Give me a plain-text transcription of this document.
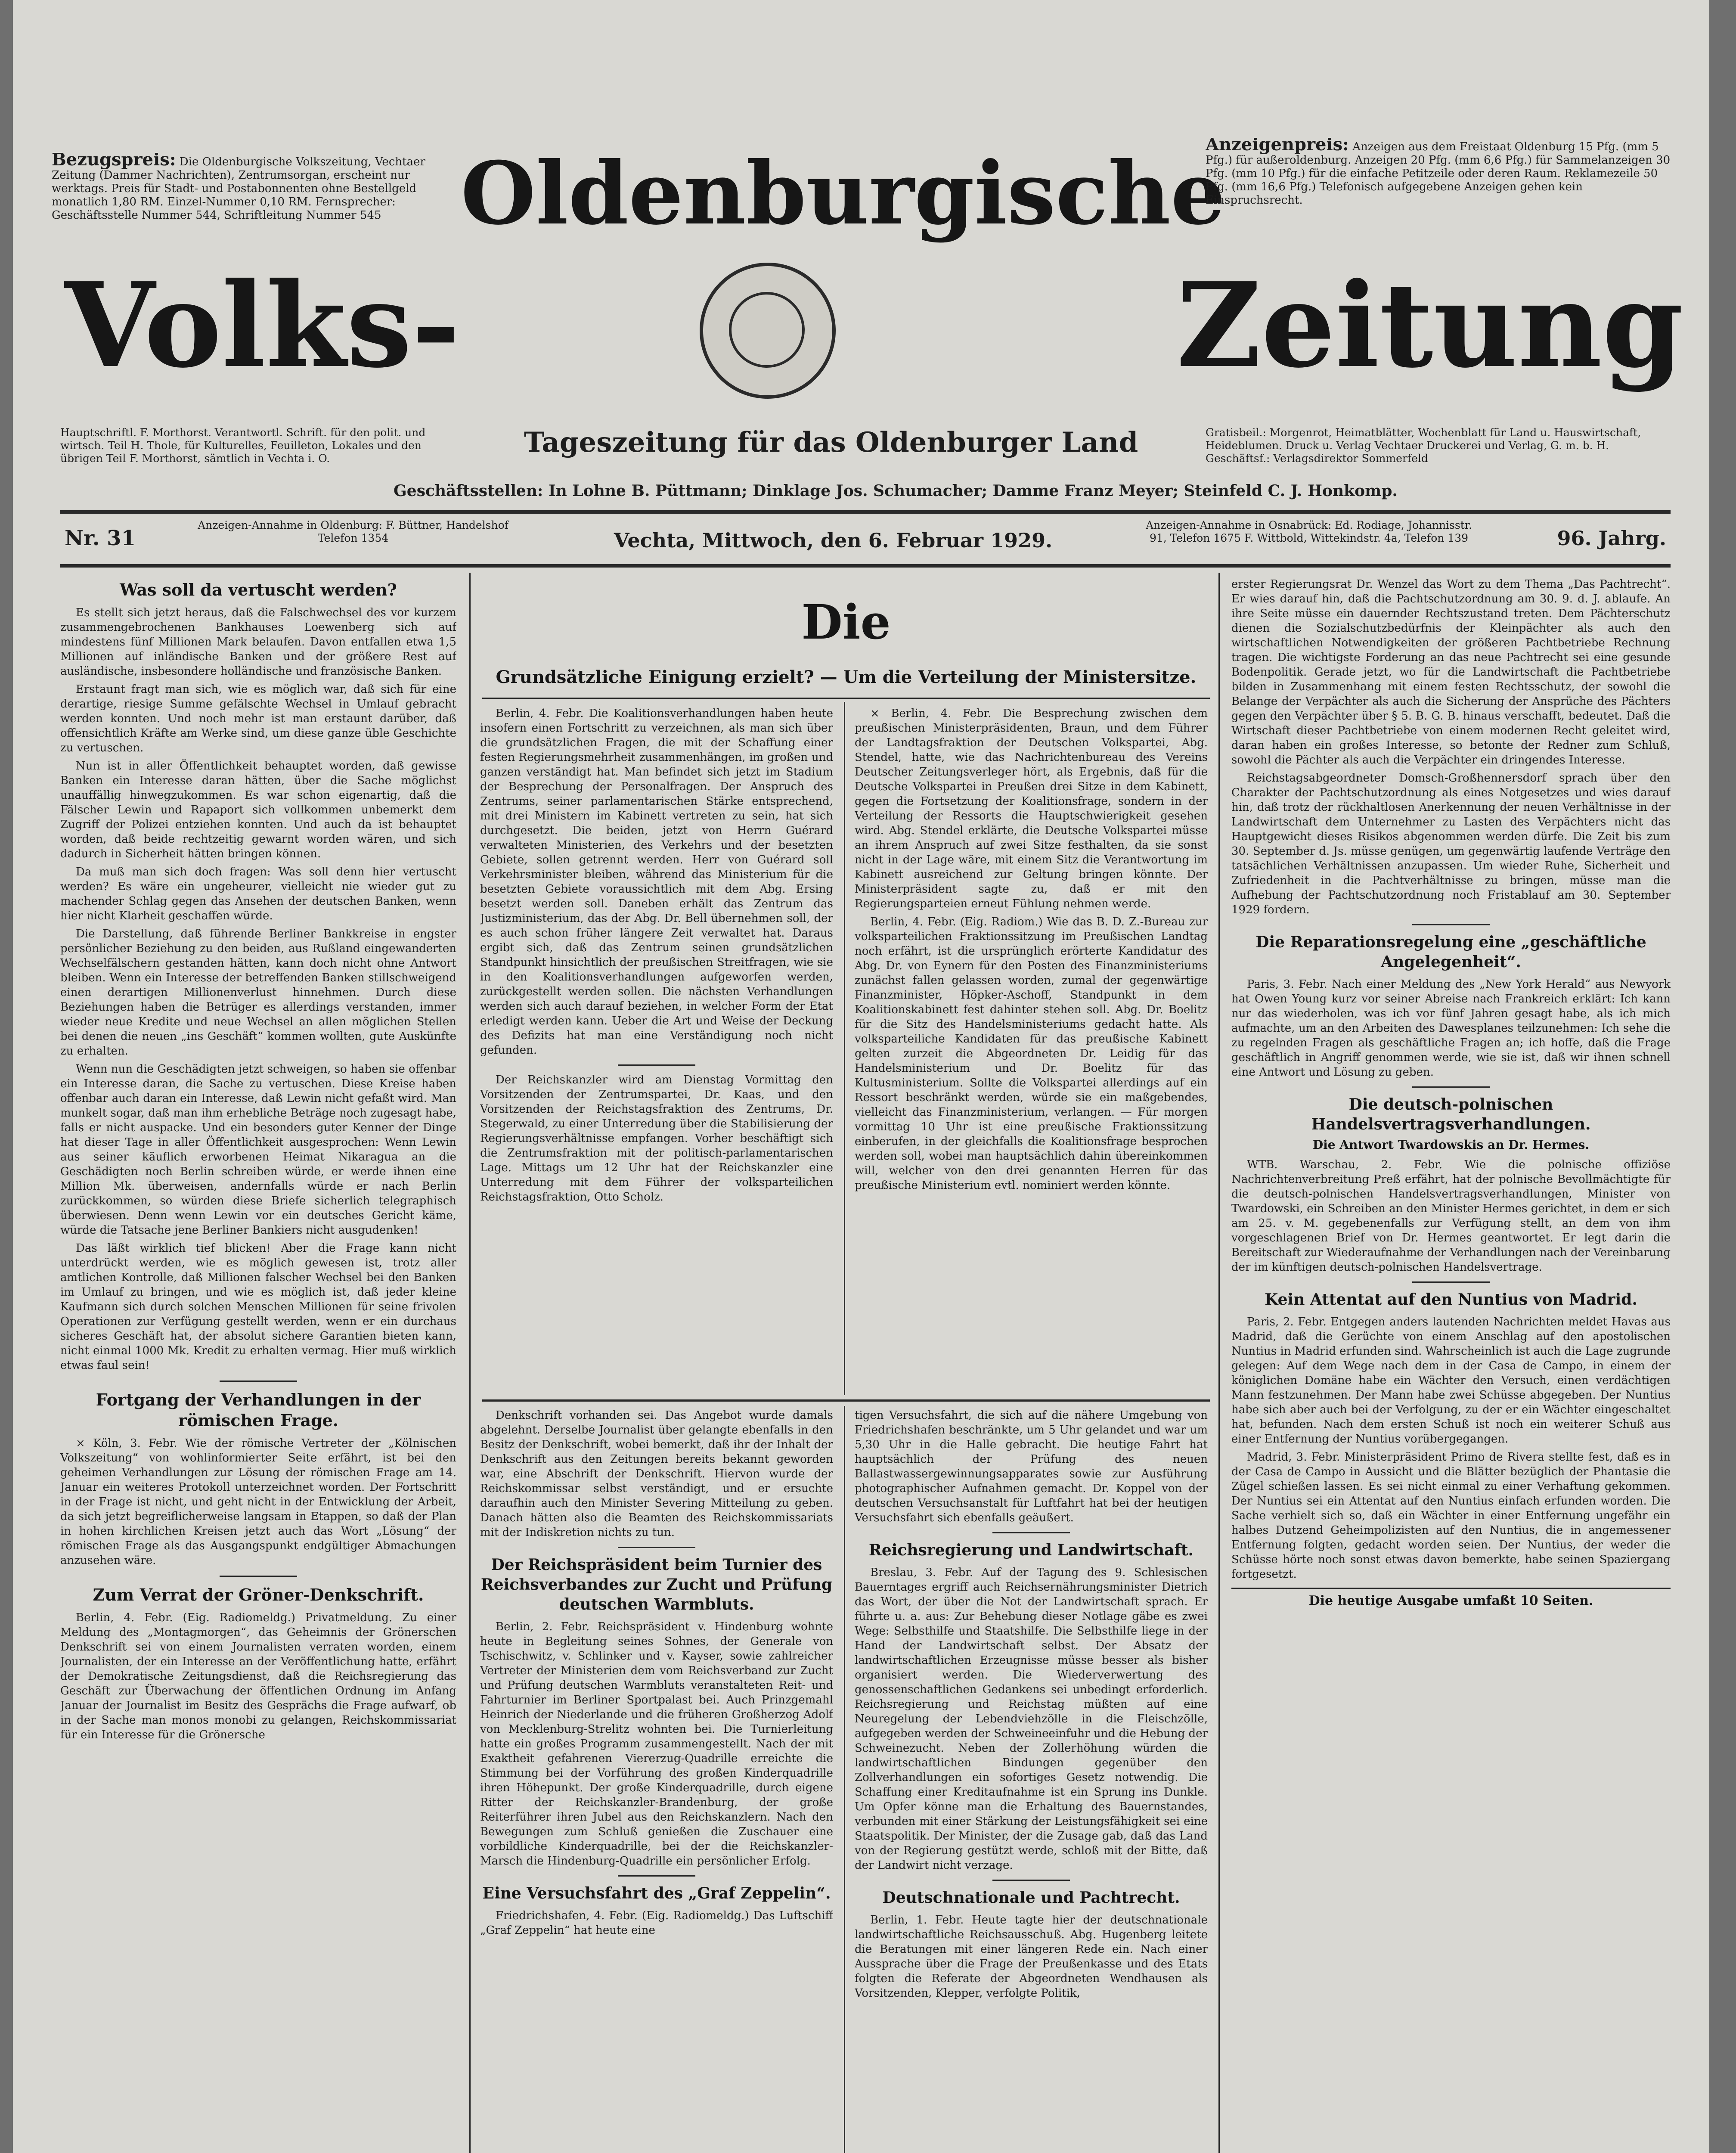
Bezugspreis: Die Oldenburgische Volkszeitung, Vechtaer Zeitung (Dammer Nachrichten), Zentrumsorgan, erscheint nur werktags. Preis für Stadt- und Postabonnenten ohne Bestellgeld monatlich 1,80 RM. Einzel-Nummer 0,10 RM. Fernsprecher: Geschäftsstelle Nummer 544, Schriftleitung Nummer 545 Oldenburgische
Anzeigenpreis: Anzeigen aus dem Freistaat Oldenburg 15 Pfg. (mm 5 Pfg.) für außeroldenburg. Anzeigen 20 Pfg. (mm 6,6 Pfg.) für Sammelanzeigen 30 Pfg. (mm 10 Pfg.) für die einfache Petitzeile oder deren Raum. Reklamezeile 50 Pfg. (mm 16,6 Pfg.) Telefonisch aufgegebene Anzeigen gehen kein Einspruchsrecht.
Volks-	Zeitung
Hauptschriftl. F. Morthorst. Verantwortl. Schrift. für den polit. und wirtsch. Teil H. Thole, für Kulturelles, Feuilleton, Lokales und den übrigen Teil F. Morthorst, sämtlich in Vechta i. O.	Tageszeitung für das Oldenburger Land	Gratisbeil.: Morgenrot, Heimatblätter, Wochenblatt für Land u. Hauswirtschaft, Heideblumen. Druck u. Verlag Vechtaer Druckerei und Verlag, G. m. b. H. Geschäftsf.: Verlagsdirektor Sommerfeld
Geschäftsstellen: In Lohne B. Püttmann; Dinklage Jos. Schumacher; Damme Franz Meyer; Steinfeld C. J. Honkomp.
Nr. 31
Anzeigen-Annahme in Oldenburg: F. Büttner, Handelshof Telefon 1354	Vechta, Mittwoch, den 6. Februar 1929.
Anzeigen-Annahme in Osnabrück: Ed. Rodiage, Johannisstr. 91, Telefon 1675 F. Wittbold, Wittekindstr. 4a, Telefon 139	96. Jahrg.
Was soll da vertuscht werden?

Es stellt sich jetzt heraus, daß die Falschwechsel des vor kurzem zusammengebrochenen Bankhauses Loewenberg sich auf mindestens fünf Millionen Mark belaufen. Davon entfallen etwa 1,5 Millionen auf inländische Banken und der größere Rest auf ausländische, insbesondere holländische und französische Banken.

Erstaunt fragt man sich, wie es möglich war, daß sich für eine derartige, riesige Summe gefälschte Wechsel in Umlauf gebracht werden konnten. Und noch mehr ist man erstaunt darüber, daß offensichtlich Kräfte am Werke sind, um diese ganze üble Geschichte zu vertuschen.

Nun ist in aller Öffentlichkeit behauptet worden, daß gewisse Banken ein Interesse daran hätten, über die Sache möglichst unauffällig hinwegzukommen. Es war schon eigenartig, daß die Fälscher Lewin und Rapaport sich vollkommen unbemerkt dem Zugriff der Polizei entziehen konnten. Und auch da ist behauptet worden, daß beide rechtzeitig gewarnt worden wären, und sich dadurch in Sicherheit hätten bringen können.

Da muß man sich doch fragen: Was soll denn hier vertuscht werden? Es wäre ein ungeheurer, vielleicht nie wieder gut zu machender Schlag gegen das Ansehen der deutschen Banken, wenn hier nicht Klarheit geschaffen würde.

Die Darstellung, daß führende Berliner Bankkreise in engster persönlicher Beziehung zu den beiden, aus Rußland eingewanderten Wechselfälschern gestanden hätten, kann doch nicht ohne Antwort bleiben. Wenn ein Interesse der betreffenden Banken stillschweigend einen derartigen Millionenverlust hinnehmen. Durch diese Beziehungen haben die Betrüger es allerdings verstanden, immer wieder neue Kredite und neue Wechsel an allen möglichen Stellen bei denen die neuen „ins Geschäft“ kommen wollten, gute Auskünfte zu erhalten.

Wenn nun die Geschädigten jetzt schweigen, so haben sie offenbar ein Interesse daran, die Sache zu vertuschen. Diese Kreise haben offenbar auch daran ein Interesse, daß Lewin nicht gefaßt wird. Man munkelt sogar, daß man ihm erhebliche Beträge noch zugesagt habe, falls er nicht auspacke. Und ein besonders guter Kenner der Dinge hat dieser Tage in aller Öffentlichkeit ausgesprochen: Wenn Lewin aus seiner käuflich erworbenen Heimat Nikaragua an die Geschädigten noch Berlin schreiben würde, er werde ihnen eine Million Mk. überweisen, andernfalls würde er nach Berlin zurückkommen, so würden diese Briefe sicherlich telegraphisch überwiesen. Denn wenn Lewin vor ein deutsches Gericht käme, würde die Tatsache jene Berliner Bankiers nicht ausgudenken!

Das läßt wirklich tief blicken! Aber die Frage kann nicht unterdrückt werden, wie es möglich gewesen ist, trotz aller amtlichen Kontrolle, daß Millionen falscher Wechsel bei den Banken im Umlauf zu bringen, und wie es möglich ist, daß jeder kleine Kaufmann sich durch solchen Menschen Millionen für seine frivolen Operationen zur Verfügung gestellt werden, wenn er ein durchaus sicheres Geschäft hat, der absolut sichere Garantien bieten kann, nicht einmal 1000 Mk. Kredit zu erhalten vermag. Hier muß wirklich etwas faul sein!

Fortgang der Verhandlungen in der römischen Frage.

× Köln, 3. Febr. Wie der römische Vertreter der „Kölnischen Volkszeitung“ von wohlinformierter Seite erfährt, ist bei den geheimen Verhandlungen zur Lösung der römischen Frage am 14. Januar ein weiteres Protokoll unterzeichnet worden. Der Fortschritt in der Frage ist nicht, und geht nicht in der Entwicklung der Arbeit, da sich jetzt begreiflicherweise langsam in Etappen, so daß der Plan in hohen kirchlichen Kreisen jetzt auch das Wort „Lösung“ der römischen Frage als das Ausgangspunkt endgültiger Abmachungen anzusehen wäre.

Zum Verrat der Gröner-Denkschrift.

Berlin, 4. Febr. (Eig. Radiomeldg.) Privatmeldung. Zu einer Meldung des „Montagmorgen“, das Geheimnis der Grönerschen Denkschrift sei von einem Journalisten verraten worden, einem Journalisten, der ein Interesse an der Veröffentlichung hatte, erfährt der Demokratische Zeitungsdienst, daß die Reichsregierung das Geschäft zur Überwachung der öffentlichen Ordnung im Anfang Januar der Journalist im Besitz des Gesprächs die Frage aufwarf, ob in der Sache man monos monobi zu gelangen, Reichskommissariat für ein Interesse für die Grönersche

Die
Grundsätzliche Einigung erzielt? — Um die Verteilung der Ministersitze.

Berlin, 4. Febr. Die Koalitionsverhandlungen haben heute insofern einen Fortschritt zu verzeichnen, als man sich über die grundsätzlichen Fragen, die mit der Schaffung einer festen Regierungsmehrheit zusammenhängen, im großen und ganzen verständigt hat. Man befindet sich jetzt im Stadium der Besprechung der Personalfragen. Der Anspruch des Zentrums, seiner parlamentarischen Stärke entsprechend, mit drei Ministern im Kabinett vertreten zu sein, hat sich durchgesetzt. Die beiden, jetzt von Herrn Guérard verwalteten Ministerien, des Verkehrs und der besetzten Gebiete, sollen getrennt werden. Herr von Guérard soll Verkehrsminister bleiben, während das Ministerium für die besetzten Gebiete voraussichtlich mit dem Abg. Ersing besetzt werden soll. Daneben erhält das Zentrum das Justizministerium, das der Abg. Dr. Bell übernehmen soll, der es auch schon früher längere Zeit verwaltet hat. Daraus ergibt sich, daß das Zentrum seinen grundsätzlichen Standpunkt hinsichtlich der preußischen Streitfragen, wie sie in den Koalitionsverhandlungen aufgeworfen werden, zurückgestellt werden sollen. Die nächsten Verhandlungen werden sich auch darauf beziehen, in welcher Form der Etat erledigt werden kann. Ueber die Art und Weise der Deckung des Defizits hat man eine Verständigung noch nicht gefunden.

Der Reichskanzler wird am Dienstag Vormittag den Vorsitzenden der Zentrumspartei, Dr. Kaas, und den Vorsitzenden der Reichstagsfraktion des Zentrums, Dr. Stegerwald, zu einer Unterredung über die Stabilisierung der Regierungsverhältnisse empfangen. Vorher beschäftigt sich die Zentrumsfraktion mit der politisch-parlamentarischen Lage. Mittags um 12 Uhr hat der Reichskanzler eine Unterredung mit dem Führer der volksparteilichen Reichstagsfraktion, Otto Scholz.

× Berlin, 4. Febr. Die Besprechung zwischen dem preußischen Ministerpräsidenten, Braun, und dem Führer der Landtagsfraktion der Deutschen Volkspartei, Abg. Stendel, hatte, wie das Nachrichtenbureau des Vereins Deutscher Zeitungsverleger hört, als Ergebnis, daß für die Deutsche Volkspartei in Preußen drei Sitze in dem Kabinett, gegen die Fortsetzung der Koalitionsfrage, sondern in der Verteilung der Ressorts die Hauptschwierigkeit gesehen wird. Abg. Stendel erklärte, die Deutsche Volkspartei müsse an ihrem Anspruch auf zwei Sitze festhalten, da sie sonst nicht in der Lage wäre, mit einem Sitz die Verantwortung im Kabinett ausreichend zur Geltung bringen könnte. Der Ministerpräsident sagte zu, daß er mit den Regierungsparteien erneut Fühlung nehmen werde.

Berlin, 4. Febr. (Eig. Radiom.) Wie das B. D. Z.-Bureau zur volksparteilichen Fraktionssitzung im Preußischen Landtag noch erfährt, ist die ursprünglich erörterte Kandidatur des Abg. Dr. von Eynern für den Posten des Finanzministeriums zunächst fallen gelassen worden, zumal der gegenwärtige Finanzminister, Höpker-Aschoff, Standpunkt in dem Koalitionskabinett fest dahinter stehen soll. Abg. Dr. Boelitz für die Sitz des Handelsministeriums gedacht hatte. Als volksparteiliche Kandidaten für das preußische Kabinett gelten zurzeit die Abgeordneten Dr. Leidig für das Handelsministerium und Dr. Boelitz für das Kultusministerium. Sollte die Volkspartei allerdings auf ein Ressort beschränkt werden, würde sie ein maßgebendes, vielleicht das Finanzministerium, verlangen. — Für morgen vormittag 10 Uhr ist eine preußische Fraktionssitzung einberufen, in der gleichfalls die Koalitionsfrage besprochen werden soll, wobei man hauptsächlich dahin übereinkommen will, welcher von den drei genannten Herren für das preußische Ministerium evtl. nominiert werden könnte.

Denkschrift vorhanden sei. Das Angebot wurde damals abgelehnt. Derselbe Journalist über gelangte ebenfalls in den Besitz der Denkschrift, wobei bemerkt, daß ihr der Inhalt der Denkschrift aus den Zeitungen bereits bekannt geworden war, eine Abschrift der Denkschrift. Hiervon wurde der Reichskommissar selbst verständigt, und er ersuchte daraufhin auch den Minister Severing Mitteilung zu geben. Danach hätten also die Beamten des Reichskommissariats mit der Indiskretion nichts zu tun.

Der Reichspräsident beim Turnier des Reichsverbandes zur Zucht und Prüfung deutschen Warmbluts.

Berlin, 2. Febr. Reichspräsident v. Hindenburg wohnte heute in Begleitung seines Sohnes, der Generale von Tschischwitz, v. Schlinker und v. Kayser, sowie zahlreicher Vertreter der Ministerien dem vom Reichsverband zur Zucht und Prüfung deutschen Warmbluts veranstalteten Reit- und Fahrturnier im Berliner Sportpalast bei. Auch Prinzgemahl Heinrich der Niederlande und die früheren Großherzog Adolf von Mecklenburg-Strelitz wohnten bei. Die Turnierleitung hatte ein großes Programm zusammengestellt. Nach der mit Exaktheit gefahrenen Viererzug-Quadrille erreichte die Stimmung bei der Vorführung des großen Kinderquadrille ihren Höhepunkt. Der große Kinderquadrille, durch eigene Ritter der Reichskanzler-Brandenburg, der große Reiterführer ihren Jubel aus den Reichskanzlern. Nach den Bewegungen zum Schluß genießen die Zuschauer eine vorbildliche Kinderquadrille, bei der die Reichskanzler-Marsch die Hindenburg-Quadrille ein persönlicher Erfolg.

Eine Versuchsfahrt des „Graf Zeppelin“.

Friedrichshafen, 4. Febr. (Eig. Radiomeldg.) Das Luftschiff „Graf Zeppelin“ hat heute eine

tigen Versuchsfahrt, die sich auf die nähere Umgebung von Friedrichshafen beschränkte, um 5 Uhr gelandet und war um 5,30 Uhr in die Halle gebracht. Die heutige Fahrt hat hauptsächlich der Prüfung des neuen Ballastwassergewinnungsapparates sowie zur Ausführung photographischer Aufnahmen gemacht. Dr. Koppel von der deutschen Versuchsanstalt für Luftfahrt hat bei der heutigen Versuchsfahrt sich ebenfalls geäußert.

Reichsregierung und Landwirtschaft.

Breslau, 3. Febr. Auf der Tagung des 9. Schlesischen Bauerntages ergriff auch Reichsernährungsminister Dietrich das Wort, der über die Not der Landwirtschaft sprach. Er führte u. a. aus: Zur Behebung dieser Notlage gäbe es zwei Wege: Selbsthilfe und Staatshilfe. Die Selbsthilfe liege in der Hand der Landwirtschaft selbst. Der Absatz der landwirtschaftlichen Erzeugnisse müsse besser als bisher organisiert werden. Die Wiederverwertung des genossenschaftlichen Gedankens sei unbedingt erforderlich. Reichsregierung und Reichstag müßten auf eine Neuregelung der Lebendviehzölle in die Fleischzölle, aufgegeben werden der Schweineeinfuhr und die Hebung der Schweinezucht. Neben der Zollerhöhung würden die landwirtschaftlichen Bindungen gegenüber den Zollverhandlungen ein sofortiges Gesetz notwendig. Die Schaffung einer Kreditaufnahme ist ein Sprung ins Dunkle. Um Opfer könne man die Erhaltung des Bauernstandes, verbunden mit einer Stärkung der Leistungsfähigkeit sei eine Staatspolitik. Der Minister, der die Zusage gab, daß das Land von der Regierung gestützt werde, schloß mit der Bitte, daß der Landwirt nicht verzage.

Deutschnationale und Pachtrecht.

Berlin, 1. Febr. Heute tagte hier der deutschnationale landwirtschaftliche Reichsausschuß. Abg. Hugenberg leitete die Beratungen mit einer längeren Rede ein. Nach einer Aussprache über die Frage der Preußenkasse und des Etats folgten die Referate der Abgeordneten Wendhausen als Vorsitzenden, Klepper, verfolgte Politik,

erster Regierungsrat Dr. Wenzel das Wort zu dem Thema „Das Pachtrecht“. Er wies darauf hin, daß die Pachtschutzordnung am 30. 9. d. J. ablaufe. An ihre Seite müsse ein dauernder Rechtszustand treten. Dem Pächterschutz dienen die Sozialschutzbedürfnis der Kleinpächter als auch den wirtschaftlichen Notwendigkeiten der größeren Pachtbetriebe Rechnung tragen. Die wichtigste Forderung an das neue Pachtrecht sei eine gesunde Bodenpolitik. Gerade jetzt, wo für die Landwirtschaft die Pachtbetriebe bilden in Zusammenhang mit einem festen Rechtsschutz, der sowohl die Belange der Verpächter als auch die Sicherung der Ansprüche des Pächters gegen den Verpächter über § 5. B. G. B. hinaus verschafft, bedeutet. Daß die Wirtschaft dieser Pachtbetriebe von einem modernen Recht geleitet wird, daran haben ein großes Interesse, so betonte der Redner zum Schluß, sowohl die Pächter als auch die Verpächter ein dringendes Interesse.

Reichstagsabgeordneter Domsch-Großhennersdorf sprach über den Charakter der Pachtschutzordnung als eines Notgesetzes und wies darauf hin, daß trotz der rückhaltlosen Anerkennung der neuen Verhältnisse in der Landwirtschaft dem Unternehmer zu Lasten des Verpächters nicht das Hauptgewicht dieses Risikos abgenommen werden dürfe. Die Zeit bis zum 30. September d. Js. müsse genügen, um gegenwärtig laufende Verträge den tatsächlichen Verhältnissen anzupassen. Um wieder Ruhe, Sicherheit und Zufriedenheit in die Pachtverhältnisse zu bringen, müsse man die Aufhebung der Pachtschutzordnung noch Fristablauf am 30. September 1929 fordern.

Die Reparationsregelung eine „geschäftliche Angelegenheit“.

Paris, 3. Febr. Nach einer Meldung des „New York Herald“ aus Newyork hat Owen Young kurz vor seiner Abreise nach Frankreich erklärt: Ich kann nur das wiederholen, was ich vor fünf Jahren gesagt habe, als ich mich aufmachte, um an den Arbeiten des Dawesplanes teilzunehmen: Ich sehe die zu regelnden Fragen als geschäftliche Fragen an; ich hoffe, daß die Frage geschäftlich in Angriff genommen werde, wie sie ist, daß wir ihnen schnell eine Antwort und Lösung zu geben.

Die deutsch-polnischen Handelsvertragsverhandlungen.
Die Antwort Twardowskis an Dr. Hermes.

WTB. Warschau, 2. Febr. Wie die polnische offiziöse Nachrichtenverbreitung Preß erfährt, hat der polnische Bevollmächtigte für die deutsch-polnischen Handelsvertragsverhandlungen, Minister von Twardowski, ein Schreiben an den Minister Hermes gerichtet, in dem er sich am 25. v. M. gegebenenfalls zur Verfügung stellt, an dem von ihm vorgeschlagenen Brief von Dr. Hermes geantwortet. Er legt darin die Bereitschaft zur Wiederaufnahme der Verhandlungen nach der Vereinbarung der im künftigen deutsch-polnischen Handelsvertrage.

Kein Attentat auf den Nuntius von Madrid.

Paris, 2. Febr. Entgegen anders lautenden Nachrichten meldet Havas aus Madrid, daß die Gerüchte von einem Anschlag auf den apostolischen Nuntius in Madrid erfunden sind. Wahrscheinlich ist auch die Lage zugrunde gelegen: Auf dem Wege nach dem in der Casa de Campo, in einem der königlichen Domäne habe ein Wächter den Versuch, einen verdächtigen Mann festzunehmen. Der Mann habe zwei Schüsse abgegeben. Der Nuntius habe sich aber auch bei der Verfolgung, zu der er ein Wächter eingeschaltet hat, befunden. Nach dem ersten Schuß ist noch ein weiterer Schuß aus einer Entfernung der Nuntius vorübergegangen.

Madrid, 3. Febr. Ministerpräsident Primo de Rivera stellte fest, daß es in der Casa de Campo in Aussicht und die Blätter bezüglich der Phantasie die Zügel schießen lassen. Es sei nicht einmal zu einer Verhaftung gekommen. Der Nuntius sei ein Attentat auf den Nuntius einfach erfunden worden. Die Sache verhielt sich so, daß ein Wächter in einer Entfernung ungefähr ein halbes Dutzend Geheimpolizisten auf den Nuntius, die in angemessener Entfernung folgten, gedacht worden seien. Der Nuntius, der weder die Schüsse hörte noch sonst etwas davon bemerkte, habe seinen Spaziergang fortgesetzt.

Die heutige Ausgabe umfaßt 10 Seiten.
